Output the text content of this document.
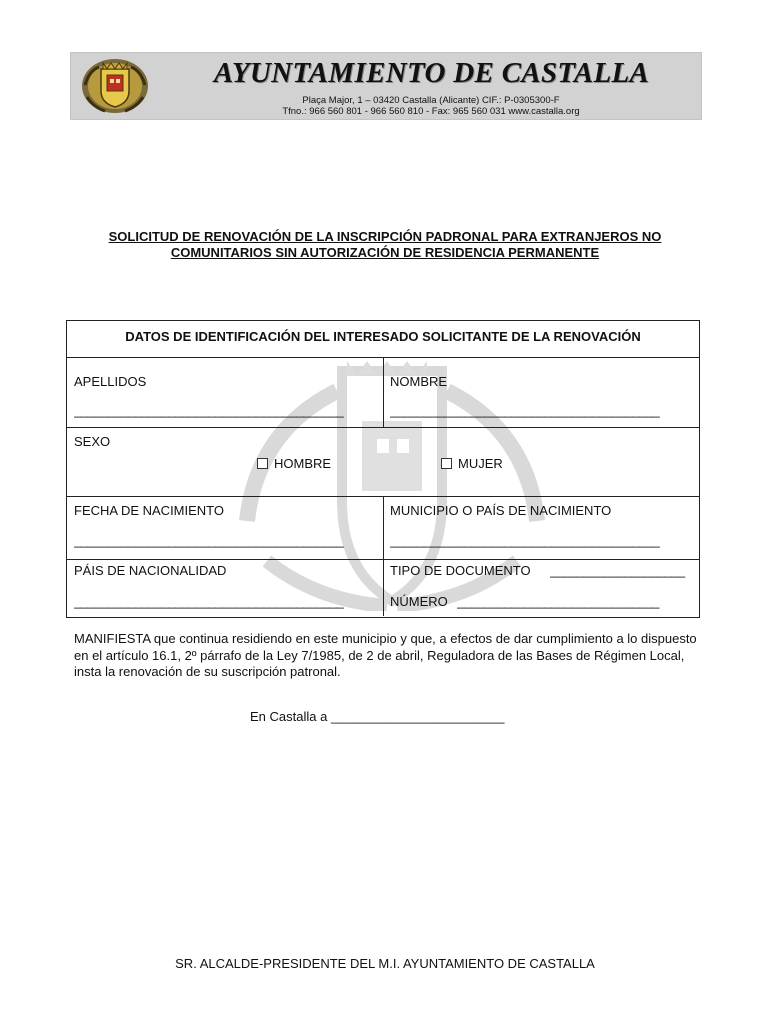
AYUNTAMIENTO DE CASTALLA
Plaça Major, 1 – 03420 Castalla (Alicante) CIF.: P-0305300-F
Tfno.: 966 560 801 - 966 560 810 - Fax: 965 560 031 www.castalla.org
SOLICITUD DE RENOVACIÓN DE LA INSCRIPCIÓN PADRONAL PARA EXTRANJEROS NO
COMUNITARIOS SIN AUTORIZACIÓN DE RESIDENCIA PERMANENTE
DATOS DE IDENTIFICACIÓN DEL INTERESADO SOLICITANTE DE LA RENOVACIÓN
APELLIDOS
________________________________________
NOMBRE
________________________________________
SEXO
HOMBRE	MUJER
FECHA DE NACIMIENTO
________________________________________
MUNICIPIO O PAÍS DE NACIMIENTO
________________________________________
PÁIS DE NACIONALIDAD
________________________________________
TIPO DE DOCUMENTO ____________________
NÚMERO ______________________________
MANIFIESTA que continua residiendo en este municipio y que, a efectos de dar cumplimiento a lo dispuesto en el artículo 16.1, 2º párrafo de la Ley 7/1985, de 2 de abril, Reguladora de las Bases de Régimen Local, insta la renovación de su suscripción patronal.
En Castalla a ________________________
SR. ALCALDE-PRESIDENTE DEL M.I. AYUNTAMIENTO DE CASTALLA
